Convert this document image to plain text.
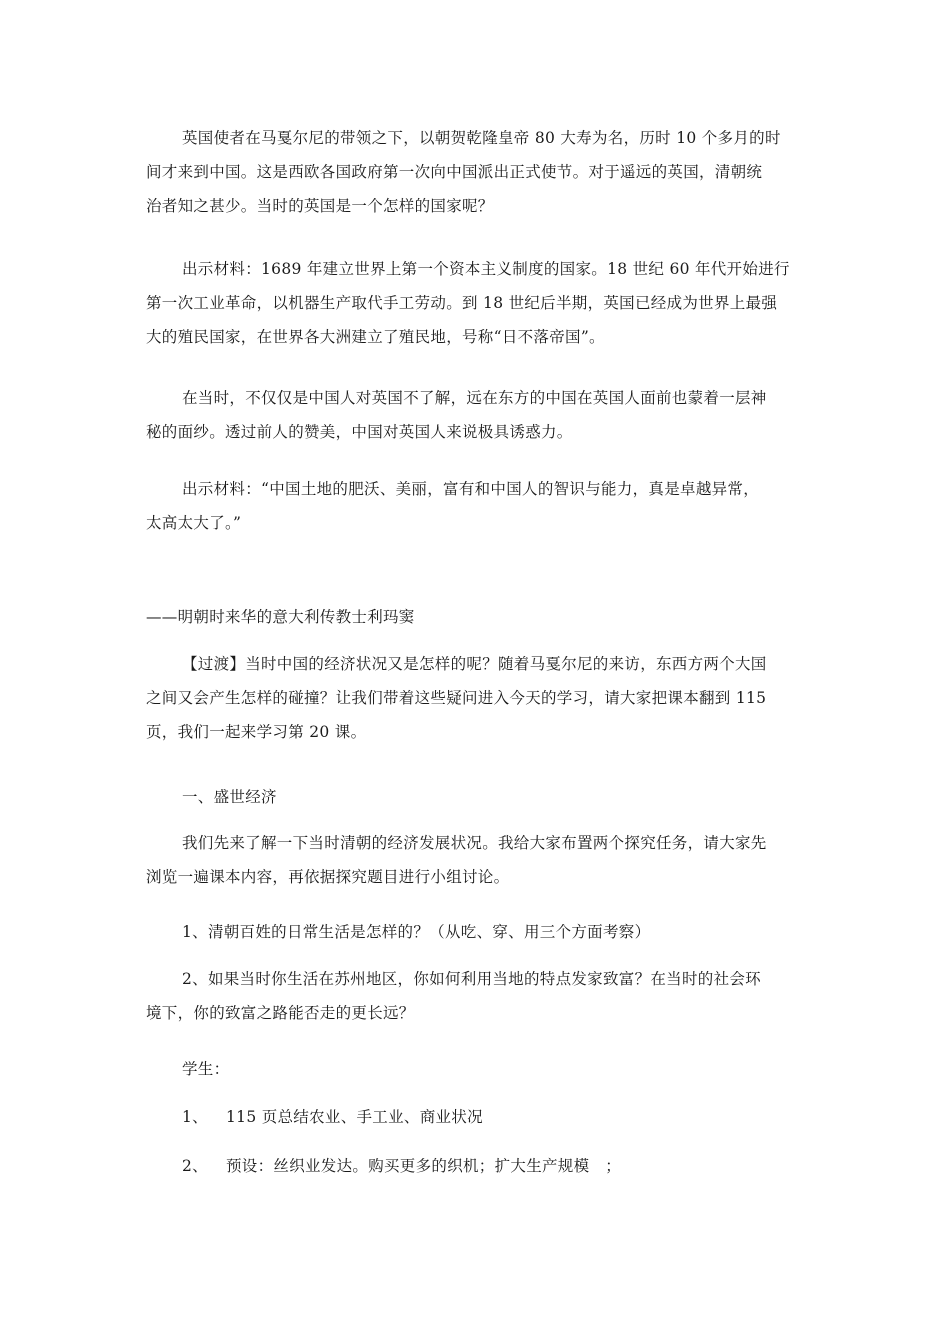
英国使者在马戛尔尼的带领之下，以朝贺乾隆皇帝 80 大寿为名，历时 10 个多月的时
间才来到中国。这是西欧各国政府第一次向中国派出正式使节。对于遥远的英国，清朝统
治者知之甚少。当时的英国是一个怎样的国家呢？

出示材料：1689 年建立世界上第一个资本主义制度的国家。18 世纪 60 年代开始进行
第一次工业革命，以机器生产取代手工劳动。到 18 世纪后半期，英国已经成为世界上最强
大的殖民国家，在世界各大洲建立了殖民地，号称“日不落帝国”。

在当时，不仅仅是中国人对英国不了解，远在东方的中国在英国人面前也蒙着一层神
秘的面纱。透过前人的赞美，中国对英国人来说极具诱惑力。

出示材料：“中国土地的肥沃、美丽，富有和中国人的智识与能力，真是卓越异常，
太高太大了。”

——明朝时来华的意大利传教士利玛窦

【过渡】当时中国的经济状况又是怎样的呢？随着马戛尔尼的来访，东西方两个大国
之间又会产生怎样的碰撞？让我们带着这些疑问进入今天的学习，请大家把课本翻到 115
页，我们一起来学习第 20 课。

一、盛世经济

我们先来了解一下当时清朝的经济发展状况。我给大家布置两个探究任务，请大家先
浏览一遍课本内容，再依据探究题目进行小组讨论。

1、清朝百姓的日常生活是怎样的？（从吃、穿、用三个方面考察）

2、如果当时你生活在苏州地区，你如何利用当地的特点发家致富？在当时的社会环
境下，你的致富之路能否走的更长远？

学生：

1、 115 页总结农业、手工业、商业状况
2、 预设：丝织业发达。购买更多的织机；扩大生产规模　；
